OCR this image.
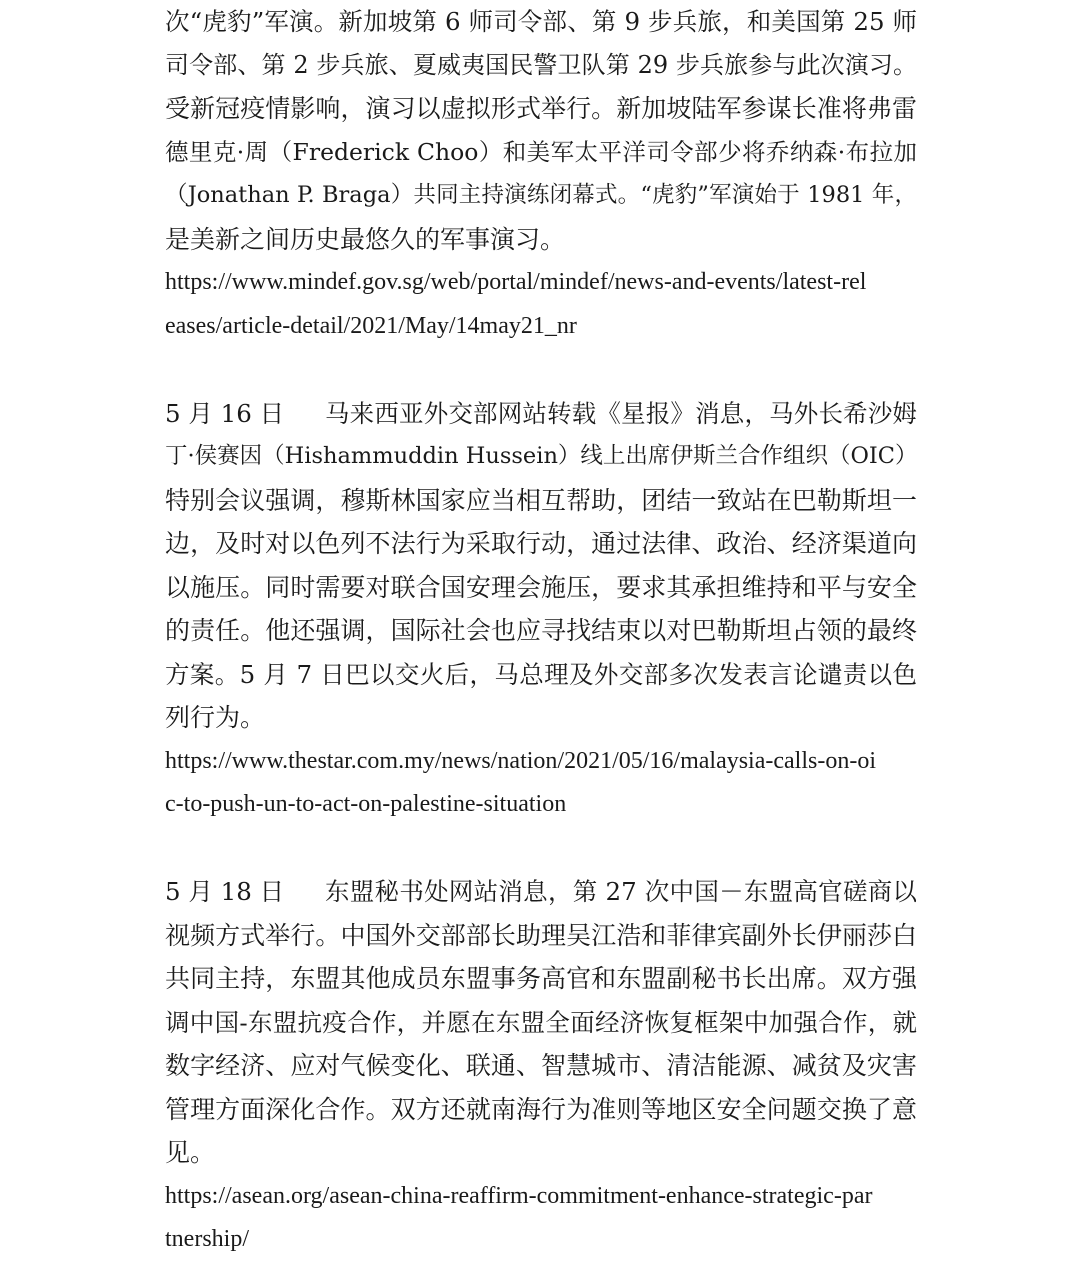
次“虎豹”军演。新加坡第 6 师司令部、第 9 步兵旅，和美国第 25 师
司令部、第 2 步兵旅、夏威夷国民警卫队第 29 步兵旅参与此次演习。
受新冠疫情影响，演习以虚拟形式举行。新加坡陆军参谋长准将弗雷
德里克·周（Frederick Choo）和美军太平洋司令部少将乔纳森·布拉加
（Jonathan P. Braga）共同主持演练闭幕式。“虎豹”军演始于 1981 年，
是美新之间历史最悠久的军事演习。
https://www.mindef.gov.sg/web/portal/mindef/news-and-events/latest-rel
eases/article-detail/2021/May/14may21_nr
5 月 16 日 马来西亚外交部网站转载《星报》消息，马外长希沙姆
丁·侯赛因（Hishammuddin Hussein）线上出席伊斯兰合作组织（OIC）
特别会议强调，穆斯林国家应当相互帮助，团结一致站在巴勒斯坦一
边，及时对以色列不法行为采取行动，通过法律、政治、经济渠道向
以施压。同时需要对联合国安理会施压，要求其承担维持和平与安全
的责任。他还强调，国际社会也应寻找结束以对巴勒斯坦占领的最终
方案。5 月 7 日巴以交火后，马总理及外交部多次发表言论谴责以色
列行为。
https://www.thestar.com.my/news/nation/2021/05/16/malaysia-calls-on-oi
c-to-push-un-to-act-on-palestine-situation
5 月 18 日 东盟秘书处网站消息，第 27 次中国－东盟高官磋商以
视频方式举行。中国外交部部长助理吴江浩和菲律宾副外长伊丽莎白
共同主持，东盟其他成员东盟事务高官和东盟副秘书长出席。双方强
调中国-东盟抗疫合作，并愿在东盟全面经济恢复框架中加强合作，就
数字经济、应对气候变化、联通、智慧城市、清洁能源、减贫及灾害
管理方面深化合作。双方还就南海行为准则等地区安全问题交换了意
见。
https://asean.org/asean-china-reaffirm-commitment-enhance-strategic-par
tnership/
